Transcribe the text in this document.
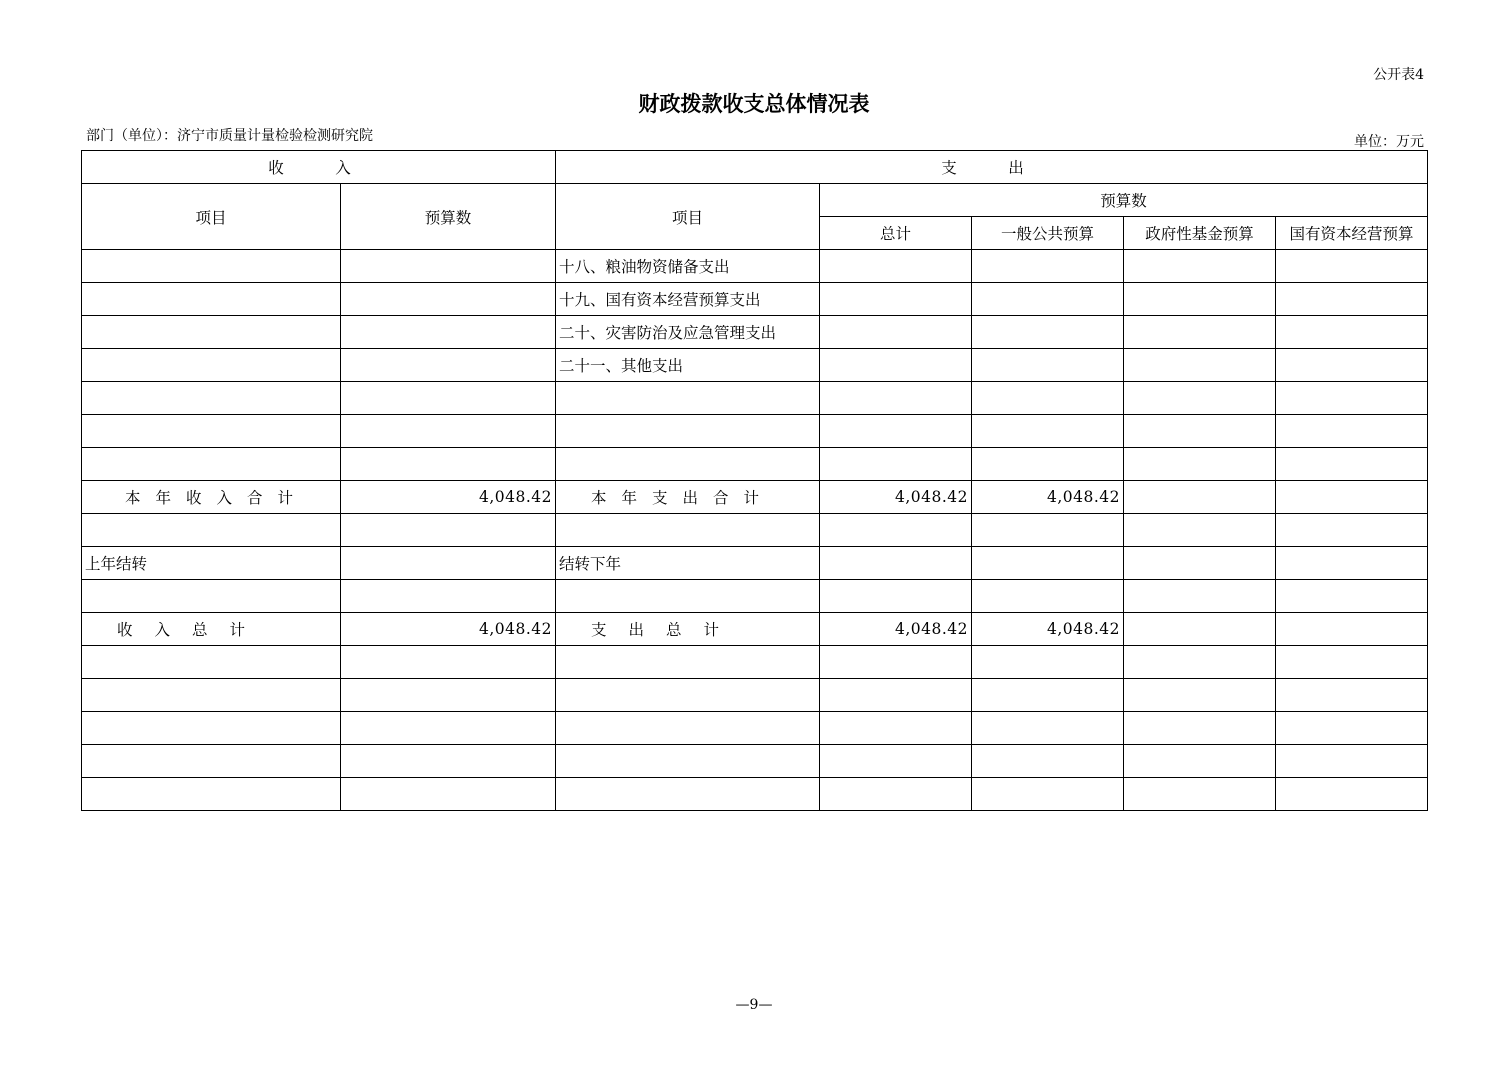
公开表4
财政拨款收支总体情况表
部门（单位）：济宁市质量计量检验检测研究院	单位：万元
收　入		支　出				
项目	预算数	项目	预算数			
			总计	一般公共预算	政府性基金预算	国有资本经营预算
		十八、粮油物资储备支出				
		十九、国有资本经营预算支出				
		二十、灾害防治及应急管理支出				
		二十一、其他支出				

本年收入合计	4,048.42	本年支出合计	4,048.42	4,048.42		

上年结转		结转下年				

收入总计	4,048.42	支出总计	4,048.42	4,048.42		

—9—
